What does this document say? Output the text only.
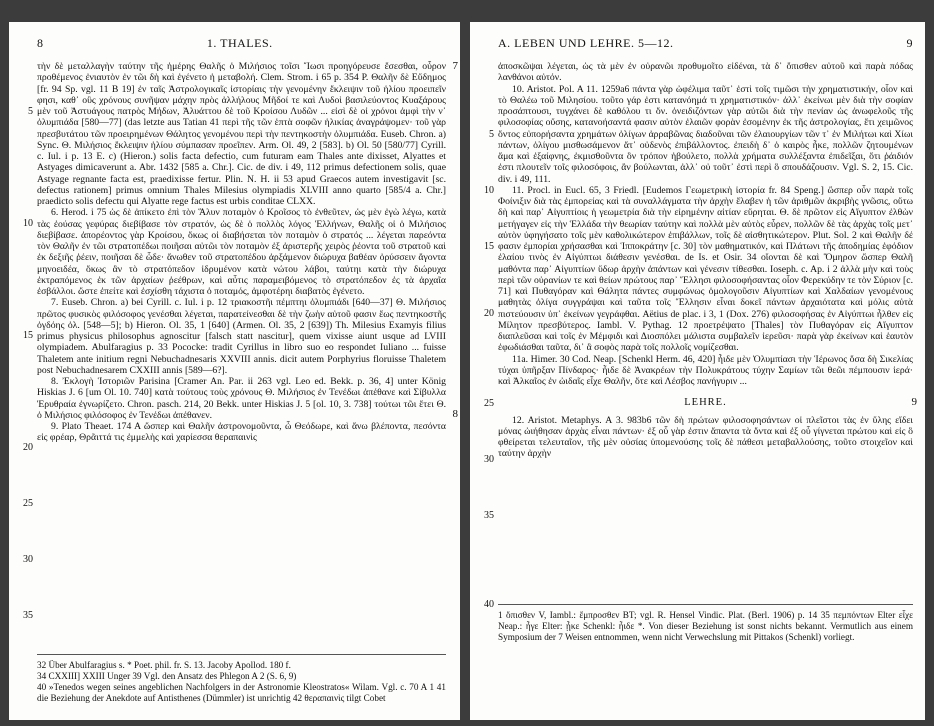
8	1. THALES.
5
10
15
20
25
30
35
7
8

τὴν δὲ μεταλλαγὴν ταύτην τῆς ἡμέρης Θαλῆς ὁ Μιλήσιος τοῖσι Ἴωσι προηγόρευσε ἔσεσθαι, οὖρον προθέμενος ἐνιαυτὸν ἐν τῶι δὴ καὶ ἐγένετο ἡ μεταβολή. Clem. Strom. i 65 p. 354 P. Θαλῆν δὲ Εὔδημος [fr. 94 Sp. vgl. 11 B 19] ἐν ταῖς Ἀστρολογικαῖς ἱστορίαις τὴν γενομένην ἔκλειψιν τοῦ ἡλίου προειπεῖν φησι, καθ᾽ οὓς χρόνους συνῆψαν μάχην πρὸς ἀλλήλους Μῆδοί τε καὶ Λυδοὶ βασιλεύοντος Κυαξάρους μὲν τοῦ Ἀστυάγους πατρὸς Μήδων, Ἀλυάττου δὲ τοῦ Κροίσου Λυδῶν ... εἰσὶ δὲ οἱ χρόνοι ἀμφὶ τὴν ν᾽ ὀλυμπιάδα [580—77] (das letzte aus Tatian 41 περὶ τῆς τῶν ἑπτὰ σοφῶν ἡλικίας ἀναγράψομεν· τοῦ γὰρ πρεσβυτάτου τῶν προειρημένων Θάλητος γενομένου περὶ τὴν πεντηκοστὴν ὀλυμπιάδα. Euseb. Chron. a) Sync. Θ. Μιλήσιος ἔκλειψιν ἡλίου σύμπασαν προεῖπεν. Arm. Ol. 49, 2 [583]. b) Ol. 50 [580/77] Cyrill. c. Iul. i p. 13 E. c) (Hieron.) solis facta defectio, cum futuram eam Thales ante dixisset, Alyattes et Astyages dimicaverunt a. Abr. 1432 [585 a. Chr.]. Cic. de div. i 49, 112 primus defectionem solis, quae Astyage regnante facta est, praedixisse fertur. Plin. N. H. ii 53 apud Graecos autem investigavit [sc. defectus rationem] primus omnium Thales Milesius olympiadis XLVIII anno quarto [585/4 a. Chr.] praedicto solis defectu qui Alyatte rege factus est urbis conditae CLXX.

6. Herod. i 75 ὡς δὲ ἀπίκετο ἐπὶ τὸν Ἅλυν ποταμὸν ὁ Κροῖσος τὸ ἐνθεῦτεν, ὡς μὲν ἐγὼ λέγω, κατὰ τὰς ἐούσας γεφύρας διεβίβασε τὸν στρατόν, ὡς δὲ ὁ πολλὸς λόγος Ἑλλήνων, Θαλῆς οἱ ὁ Μιλήσιος διεβίβασε. ἀπορέοντος γὰρ Κροίσου, ὅκως οἱ διαβήσεται τὸν ποταμὸν ὁ στρατός ... λέγεται παρεόντα τὸν Θαλῆν ἐν τῶι στρατοπέδωι ποιῆσαι αὐτῶι τὸν ποταμὸν ἐξ ἀριστερῆς χειρὸς ῥέοντα τοῦ στρατοῦ καὶ ἐκ δεξιῆς ῥέειν, ποιῆσαι δὲ ὧδε· ἄνωθεν τοῦ στρατοπέδου ἀρξάμενον διώρυχα βαθέαν ὀρύσσειν ἄγοντα μηνοειδέα, ὅκως ἂν τὸ στρατόπεδον ἱδρυμένον κατὰ νώτου λάβοι, ταύτηι κατὰ τὴν διώρυχα ἐκτραπόμενος ἐκ τῶν ἀρχαίων ῥεέθρων, καὶ αὖτις παραμειβόμενος τὸ στρατόπεδον ἐς τὰ ἀρχαῖα ἐσβάλλοι. ὥστε ἐπείτε καὶ ἐσχίσθη τάχιστα ὁ ποταμός, ἀμφοτέρηι διαβατὸς ἐγένετο.

7. Euseb. Chron. a) bei Cyrill. c. Iul. i p. 12 τριακοστῆι πέμπτηι ὀλυμπιάδι [640—37] Θ. Μιλήσιος πρῶτος φυσικὸς φιλόσοφος γενέσθαι λέγεται, παρατείνεσθαι δὲ τὴν ζωὴν αὐτοῦ φασιν ἕως πεντηκοστῆς ὀγδόης ὀλ. [548—5]; b) Hieron. Ol. 35, 1 [640] (Armen. Ol. 35, 2 [639]) Th. Milesius Examyis filius primus physicus philosophus agnoscitur [falsch statt nascitur], quem vixisse aiunt usque ad LVIII olympiadem. Abulfaragius p. 33 Pococke: tradit Cyrillus in libro suo eo respondet Iuliano ... fuisse Thaletem ante initium regni Nebuchadnesaris XXVIII annis. dicit autem Porphyrius floruisse Thaletem post Nebuchadnesarem CXXIII annis [589—6?].

8. Ἐκλογὴ Ἱστοριῶν Parisina [Cramer An. Par. ii 263 vgl. Leo ed. Bekk. p. 36, 4] unter König Hiskias J. 6 [um Ol. 10. 740] κατὰ τούτους τοὺς χρόνους Θ. Μιλήσιος ἐν Τενέδωι ἀπέθανε καὶ Σίβυλλα Ἐρυθραία ἐγνωρίζετο. Chron. pasch. 214, 20 Bekk. unter Hiskias J. 5 [ol. 10, 3. 738] τούτωι τῶι ἔτει Θ. ὁ Μιλήσιος φιλόσοφος ἐν Τενέδωι ἀπέθανεν.

9. Plato Theaet. 174 A ὥσπερ καὶ Θαλῆν ἀστρονομοῦντα, ὦ Θεόδωρε, καὶ ἄνω βλέποντα, πεσόντα εἰς φρέαρ, Θρᾶιττά τις ἐμμελὴς καὶ χαρίεσσα θεραπαινὶς

32 Über Abulfaragius s. * Poet. phil. fr. S. 13. Jacoby Apollod. 180 f.

34 CXXIII] XXIII Unger 39 Vgl. den Ansatz des Phlegon A 2 (S. 6, 9)

40 »Tenedos wegen seines angeblichen Nachfolgers in der Astronomie Kleostratos« Wilam. Vgl. c. 70 A 1 41 die Beziehung der Anekdote auf Antisthenes (Dümmler) ist unrichtig 42 θεραπαινὶς tilgt Cobet

A. LEBEN UND LEHRE. 5—12.	9
5
10
15
20
25
30
35
40

ἀποσκῶψαι λέγεται, ὡς τὰ μὲν ἐν οὐρανῶι προθυμοῖτο εἰδέναι, τὰ δ᾽ ὄπισθεν αὐτοῦ καὶ παρὰ πόδας λανθάνοι αὐτόν.

10. Aristot. Pol. A 11. 1259a6 πάντα γὰρ ὠφέλιμα ταῦτ᾽ ἐστὶ τοῖς τιμῶσι τὴν χρηματιστικήν, οἷον καὶ τὸ Θαλέω τοῦ Μιλησίου. τοῦτο γάρ ἐστι κατανόημά τι χρηματιστικόν· ἀλλ᾽ ἐκείνωι μὲν διὰ τὴν σοφίαν προσάπτουσι, τυγχάνει δὲ καθόλου τι ὄν. ὀνειδιζόντων γὰρ αὐτῶι διὰ τὴν πενίαν ὡς ἀνωφελοῦς τῆς φιλοσοφίας οὔσης, κατανοήσαντά φασιν αὐτὸν ἐλαιῶν φορὰν ἐσομένην ἐκ τῆς ἀστρολογίας, ἔτι χειμῶνος ὄντος εὐπορήσαντα χρημάτων ὀλίγων ἀρραβῶνας διαδοῦναι τῶν ἐλαιουργίων τῶν τ᾽ ἐν Μιλήτωι καὶ Χίωι πάντων, ὀλίγου μισθωσάμενον ἅτ᾽ οὐδενὸς ἐπιβάλλοντος. ἐπειδὴ δ᾽ ὁ καιρὸς ἧκε, πολλῶν ζητουμένων ἅμα καὶ ἐξαίφνης, ἐκμισθοῦντα ὃν τρόπον ἠβούλετο, πολλὰ χρήματα συλλέξαντα ἐπιδεῖξαι, ὅτι ῥάιδιόν ἐστι πλουτεῖν τοῖς φιλοσόφοις, ἂν βούλωνται, ἀλλ᾽ οὐ τοῦτ᾽ ἐστὶ περὶ ὃ σπουδάζουσιν. Vgl. S. 2, 15. Cic. div. i 49, 111.

11. Procl. in Eucl. 65, 3 Friedl. [Eudemos Γεωμετρικὴ ἱστορία fr. 84 Speng.] ὥσπερ οὖν παρὰ τοῖς Φοίνιξιν διὰ τὰς ἐμπορείας καὶ τὰ συναλλάγματα τὴν ἀρχὴν ἔλαβεν ἡ τῶν ἀριθμῶν ἀκριβὴς γνῶσις, οὕτω δὴ καὶ παρ᾽ Αἰγυπτίοις ἡ γεωμετρία διὰ τὴν εἰρημένην αἰτίαν εὕρηται. Θ. δὲ πρῶτον εἰς Αἴγυπτον ἐλθὼν μετήγαγεν εἰς τὴν Ἑλλάδα τὴν θεωρίαν ταύτην καὶ πολλὰ μὲν αὐτὸς εὗρεν, πολλῶν δὲ τὰς ἀρχὰς τοῖς μετ᾽ αὐτὸν ὑφηγήσατο τοῖς μὲν καθολικώτερον ἐπιβάλλων, τοῖς δὲ αἰσθητικώτερον. Plut. Sol. 2 καὶ Θαλῆν δέ φασιν ἐμπορίαι χρήσασθαι καὶ Ἱπποκράτην [c. 30] τὸν μαθηματικόν, καὶ Πλάτωνι τῆς ἀποδημίας ἐφόδιον ἐλαίου τινὸς ἐν Αἰγύπτωι διάθεσιν γενέσθαι. de Is. et Osir. 34 οἴονται δὲ καὶ Ὅμηρον ὥσπερ Θαλῆ μαθόντα παρ᾽ Αἰγυπτίων ὕδωρ ἀρχὴν ἁπάντων καὶ γένεσιν τίθεσθαι. Ioseph. c. Ap. i 2 ἀλλὰ μὴν καὶ τοὺς περὶ τῶν οὐρανίων τε καὶ θείων πρώτους παρ᾽ Ἕλλησι φιλοσοφήσαντας οἷον Φερεκύδην τε τὸν Σύριον [c. 71] καὶ Πυθαγόραν καὶ Θάλητα πάντες συμφώνως ὁμολογοῦσιν Αἰγυπτίων καὶ Χαλδαίων γενομένους μαθητὰς ὀλίγα συγγράψαι καὶ ταῦτα τοῖς Ἕλλησιν εἶναι δοκεῖ πάντων ἀρχαιότατα καὶ μόλις αὐτὰ πιστεύουσιν ὑπ᾽ ἐκείνων γεγράφθαι. Aëtius de plac. i 3, 1 (Dox. 276) φιλοσοφήσας ἐν Αἰγύπτωι ἦλθεν εἰς Μίλητον πρεσβύτερος. Iambl. V. Pythag. 12 προετρέψατο [Thales] τὸν Πυθαγόραν εἰς Αἴγυπτον διαπλεῦσαι καὶ τοῖς ἐν Μέμφιδι καὶ Διοσπόλει μάλιστα συμβαλεῖν ἱερεῦσι· παρὰ γὰρ ἐκείνων καὶ ἑαυτὸν ἐφωδιάσθαι ταῦτα, δι᾽ ἃ σοφὸς παρὰ τοῖς πολλοῖς νομίζεσθαι.

11a. Himer. 30 Cod. Neap. [Schenkl Herm. 46, 420] ἦιδε μὲν Ὀλυμπίασι τὴν Ἱέρωνος ὅσα δὴ Σικελίας τύχαι ὑπῆρξαν Πίνδαρος· ἦιδε δὲ Ἀνακρέων τὴν Πολυκράτους τύχην Σαμίων τῶι θεῶι πέμπουσιν ἱερά· καὶ Ἀλκαῖος ἐν ὠιδαῖς εἶχε Θαλῆν, ὅτε καὶ Λέσβος πανήγυριν ...

LEHRE.	9

12. Aristot. Metaphys. A 3. 983b6 τῶν δὴ πρώτων φιλοσοφησάντων οἱ πλεῖστοι τὰς ἐν ὕλης εἴδει μόνας ὠιήθησαν ἀρχὰς εἶναι πάντων· ἐξ οὗ γὰρ ἐστιν ἅπαντα τὰ ὄντα καὶ ἐξ οὗ γίγνεται πρώτου καὶ εἰς ὃ φθείρεται τελευταῖον, τῆς μὲν οὐσίας ὑπομενούσης τοῖς δὲ πάθεσι μεταβαλλούσης, τοῦτο στοιχεῖον καὶ ταύτην ἀρχὴν

1 ὄπισθεν V, Iambl.: ἔμπροσθεν BT; vgl. R. Hensel Vindic. Plat. (Berl. 1906) p. 14 35 πεμπόντων Elter εἶχε Neap.: ἦγε Elter: ᾖκε Schenkl: ἦιδε *. Von dieser Beziehung ist sonst nichts bekannt. Vermutlich aus einem Symposium der 7 Weisen entnommen, wenn nicht Verwechslung mit Pittakos (Schenkl) vorliegt.
